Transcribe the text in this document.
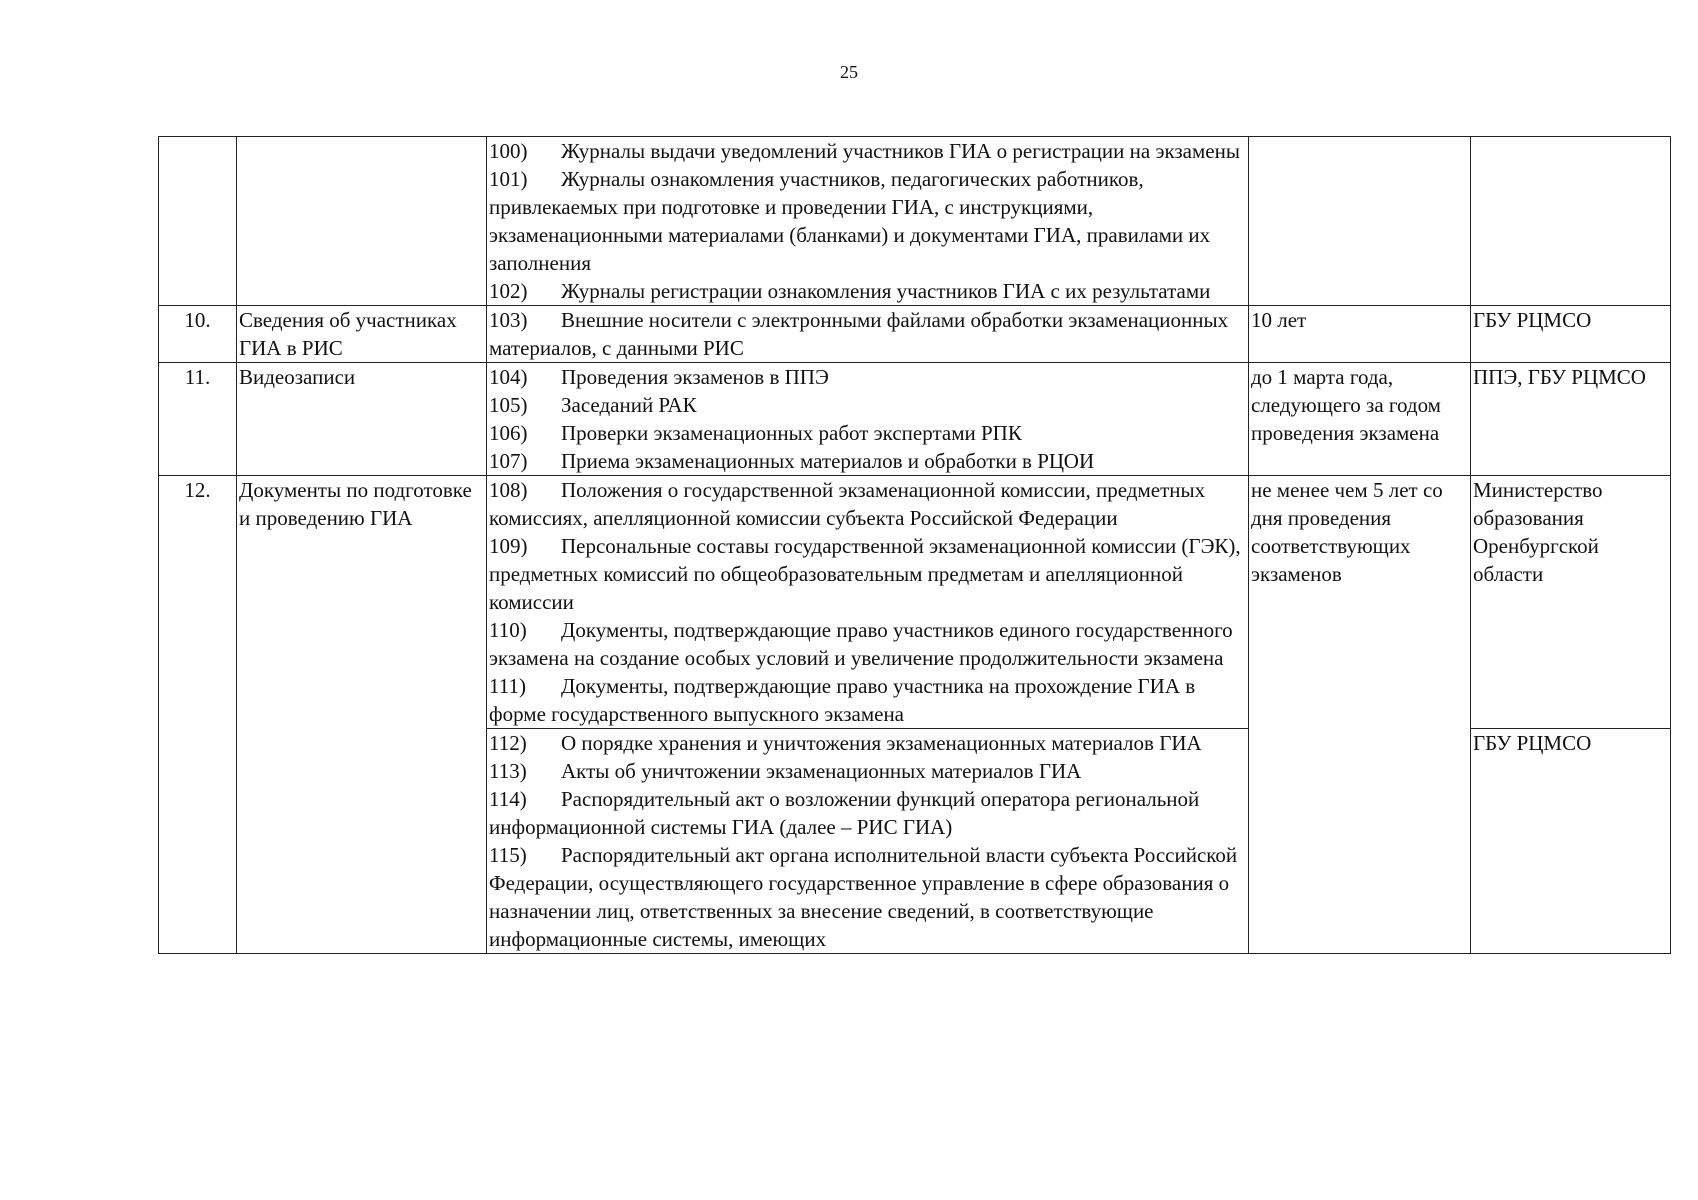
25

		100) Журналы выдачи уведомлений участников ГИА о регистрации на экзамены
101) Журналы ознакомления участников, педагогических работников, привлекаемых при подготовке и проведении ГИА, с инструкциями, экзаменационными материалами (бланками) и документами ГИА, правилами их заполнения
102) Журналы регистрации ознакомления участников ГИА с их результатами		

10.	Сведения об участниках ГИА в РИС	103) Внешние носители с электронными файлами обработки экзаменационных материалов, с данными РИС	10 лет	ГБУ РЦМСО
11.	Видеозаписи	104) Проведения экзаменов в ППЭ
105) Заседаний РАК
106) Проверки экзаменационных работ экспертами РПК
107) Приема экзаменационных материалов и обработки в РЦОИ	до 1 марта года, следующего за годом проведения экзамена	ППЭ, ГБУ РЦМСО
12.	Документы по подготовке и проведению ГИА	108) Положения о государственной экзаменационной комиссии, предметных комиссиях, апелляционной комиссии субъекта Российской Федерации
109) Персональные составы государственной экзаменационной комиссии (ГЭК), предметных комиссий по общеобразовательным предметам и апелляционной комиссии
110) Документы, подтверждающие право участников единого государственного экзамена на создание особых условий и увеличение продолжительности экзамена
111) Документы, подтверждающие право участника на прохождение ГИА в форме государственного выпускного экзамена	не менее чем 5 лет со дня проведения соответствующих экзаменов	Министерство образования Оренбургской области

		112) О порядке хранения и уничтожения экзаменационных материалов ГИА
113) Акты об уничтожении экзаменационных материалов ГИА
114) Распорядительный акт о возложении функций оператора региональной информационной системы ГИА (далее – РИС ГИА)
115) Распорядительный акт органа исполнительной власти субъекта Российской Федерации, осуществляющего государственное управление в сфере образования о назначении лиц, ответственных за внесение сведений, в соответствующие информационные системы, имеющих		ГБУ РЦМСО
